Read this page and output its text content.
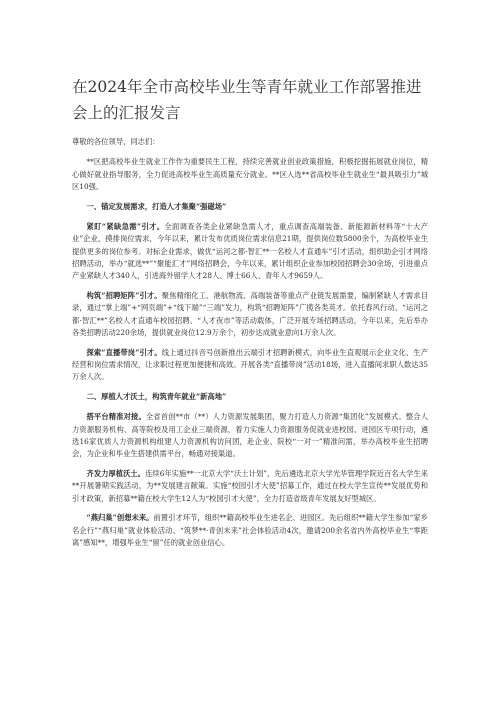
在2024年全市高校毕业生等青年就业工作部署推进会上的汇报发言

尊敬的各位领导，同志们：

**区把高校毕业生就业工作作为重要民生工程，持续完善就业创业政策措施，积极挖掘拓展就业岗位，精心做好就业指导服务，全力促进高校毕业生高质量充分就业。**区入选**省高校毕业生就业生“最具吸引力”城区10强。

一、锚定发展需求，打造人才集聚“强磁场”

紧盯“紧缺急需”引才。全面调查各类企业紧缺急需人才，重点调查高端装备、新能源新材料等“十大产业”企业，摸排岗位需求，今年以来，累计发布优质岗位需求信息21期，提供岗位数5800余个，为高校毕业生提供更多的岗位参考。对标企业需求，做优“运河之都·智汇**一名校人才直通车”引才活动，组织助企引才网络招聘活动，举办“就选**”“聚能汇才”网络招聘会，今年以来，累计组织企业参加校园招聘会30余场，引进重点产业紧缺人才340人，引进海外留学人才28人、博士66人、青年人才9659人。

构筑“招聘矩阵”引才。聚焦精细化工、港航物流、高端装备等重点产业链发展需要，编制紧缺人才需求目录，通过“掌上端”+“网页端”+“线下端”“三端”发力，构筑“招聘矩阵”广揽各类英才。依托春风行动、“运河之都·智汇**”名校人才直通车校园招聘、“人才夜市”等活动载体，广泛开展专场招聘活动，今年以来，先后举办各类招聘活动220余场，提供就业岗位12.9万余个，初步达成就业意向1万余人次。

探索“直播带岗”引才。线上通过抖音号创新推出云端引才招聘新模式，向毕业生直观展示企业文化、生产经营和岗位需求情况，让求职过程更加便捷和高效。开展各类“直播带岗”活动18场，进入直播间求职人数达35万余人次。

二、厚植人才沃土，构筑青年就业“新高地”

搭平台精准对接。全省首创**市（**）人力资源发展集团，聚力打造人力资源“集团化”发展模式。整合人力资源服务机构、高等院校及用工企业三端资源，着力实施人力资源服务促就业进校园、进园区专项行动，遴选16家优质人力资源机构组建人力资源机构访问团，赴企业、院校“一对一”精准问需，举办高校毕业生招聘会，为企业和毕业生搭建供需平台，畅通对接渠道。

齐发力厚植沃土。连续6年实施**一北京大学“沃土计划”，先后遴选北京大学光华管理学院近百名大学生来**开展暑期实践活动，为**发展建言献策。实施“校园引才大使”招募工作，通过在校大学生宣传**发展优势和引才政策，新招募**籍在校大学生12人为“校园引才大使”，全力打造省级青年发展友好型城区。

“燕归巢”创想未来。前置引才环节，组织**籍高校毕业生进名企、进园区。先后组织**籍大学生参加“家乡名企行”“燕归巢”就业体验活动、“筑梦**·青创未来”社会体验活动4次，邀请200余名省内外高校毕业生“零距离”感知**，增强毕业生“留”任的就业创业信心。
